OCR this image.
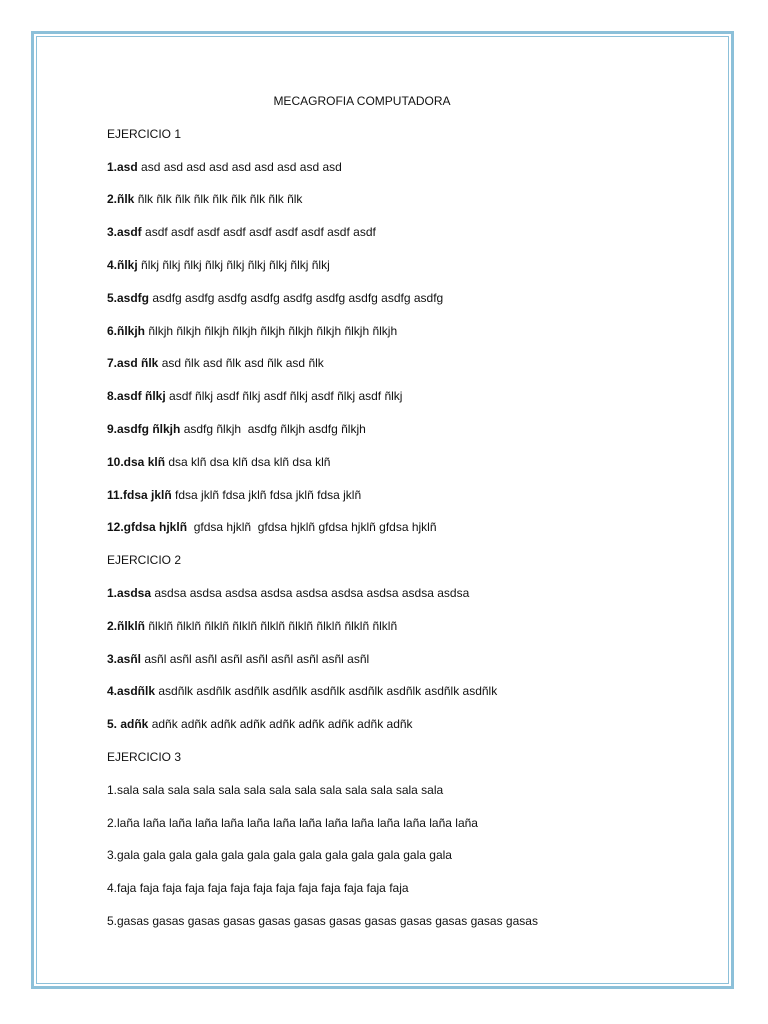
MECAGROFIA COMPUTADORA
EJERCICIO 1
1.asd asd asd asd asd asd asd asd asd asd
2.ñlk ñlk ñlk ñlk ñlk ñlk ñlk ñlk ñlk ñlk
3.asdf asdf asdf asdf asdf asdf asdf asdf asdf asdf
4.ñlkj ñlkj ñlkj ñlkj ñlkj ñlkj ñlkj ñlkj ñlkj ñlkj
5.asdfg asdfg asdfg asdfg asdfg asdfg asdfg asdfg asdfg asdfg
6.ñlkjh ñlkjh ñlkjh ñlkjh ñlkjh ñlkjh ñlkjh ñlkjh ñlkjh ñlkjh
7.asd ñlk asd ñlk asd ñlk asd ñlk asd ñlk
8.asdf ñlkj asdf ñlkj asdf ñlkj asdf ñlkj asdf ñlkj asdf ñlkj
9.asdfg ñlkjh asdfg ñlkjh  asdfg ñlkjh asdfg ñlkjh
10.dsa klñ dsa klñ dsa klñ dsa klñ dsa klñ
11.fdsa jklñ fdsa jklñ fdsa jklñ fdsa jklñ fdsa jklñ
12.gfdsa hjklñ  gfdsa hjklñ  gfdsa hjklñ gfdsa hjklñ gfdsa hjklñ
EJERCICIO 2
1.asdsa asdsa asdsa asdsa asdsa asdsa asdsa asdsa asdsa asdsa
2.ñlklñ ñlklñ ñlklñ ñlklñ ñlklñ ñlklñ ñlklñ ñlklñ ñlklñ ñlklñ
3.asñl asñl asñl asñl asñl asñl asñl asñl asñl asñl
4.asdñlk asdñlk asdñlk asdñlk asdñlk asdñlk asdñlk asdñlk asdñlk asdñlk
5. adñk adñk adñk adñk adñk adñk adñk adñk adñk adñk
EJERCICIO 3
1.sala sala sala sala sala sala sala sala sala sala sala sala sala
2.laña laña laña laña laña laña laña laña laña laña laña laña laña laña
3.gala gala gala gala gala gala gala gala gala gala gala gala gala
4.faja faja faja faja faja faja faja faja faja faja faja faja faja
5.gasas gasas gasas gasas gasas gasas gasas gasas gasas gasas gasas gasas
